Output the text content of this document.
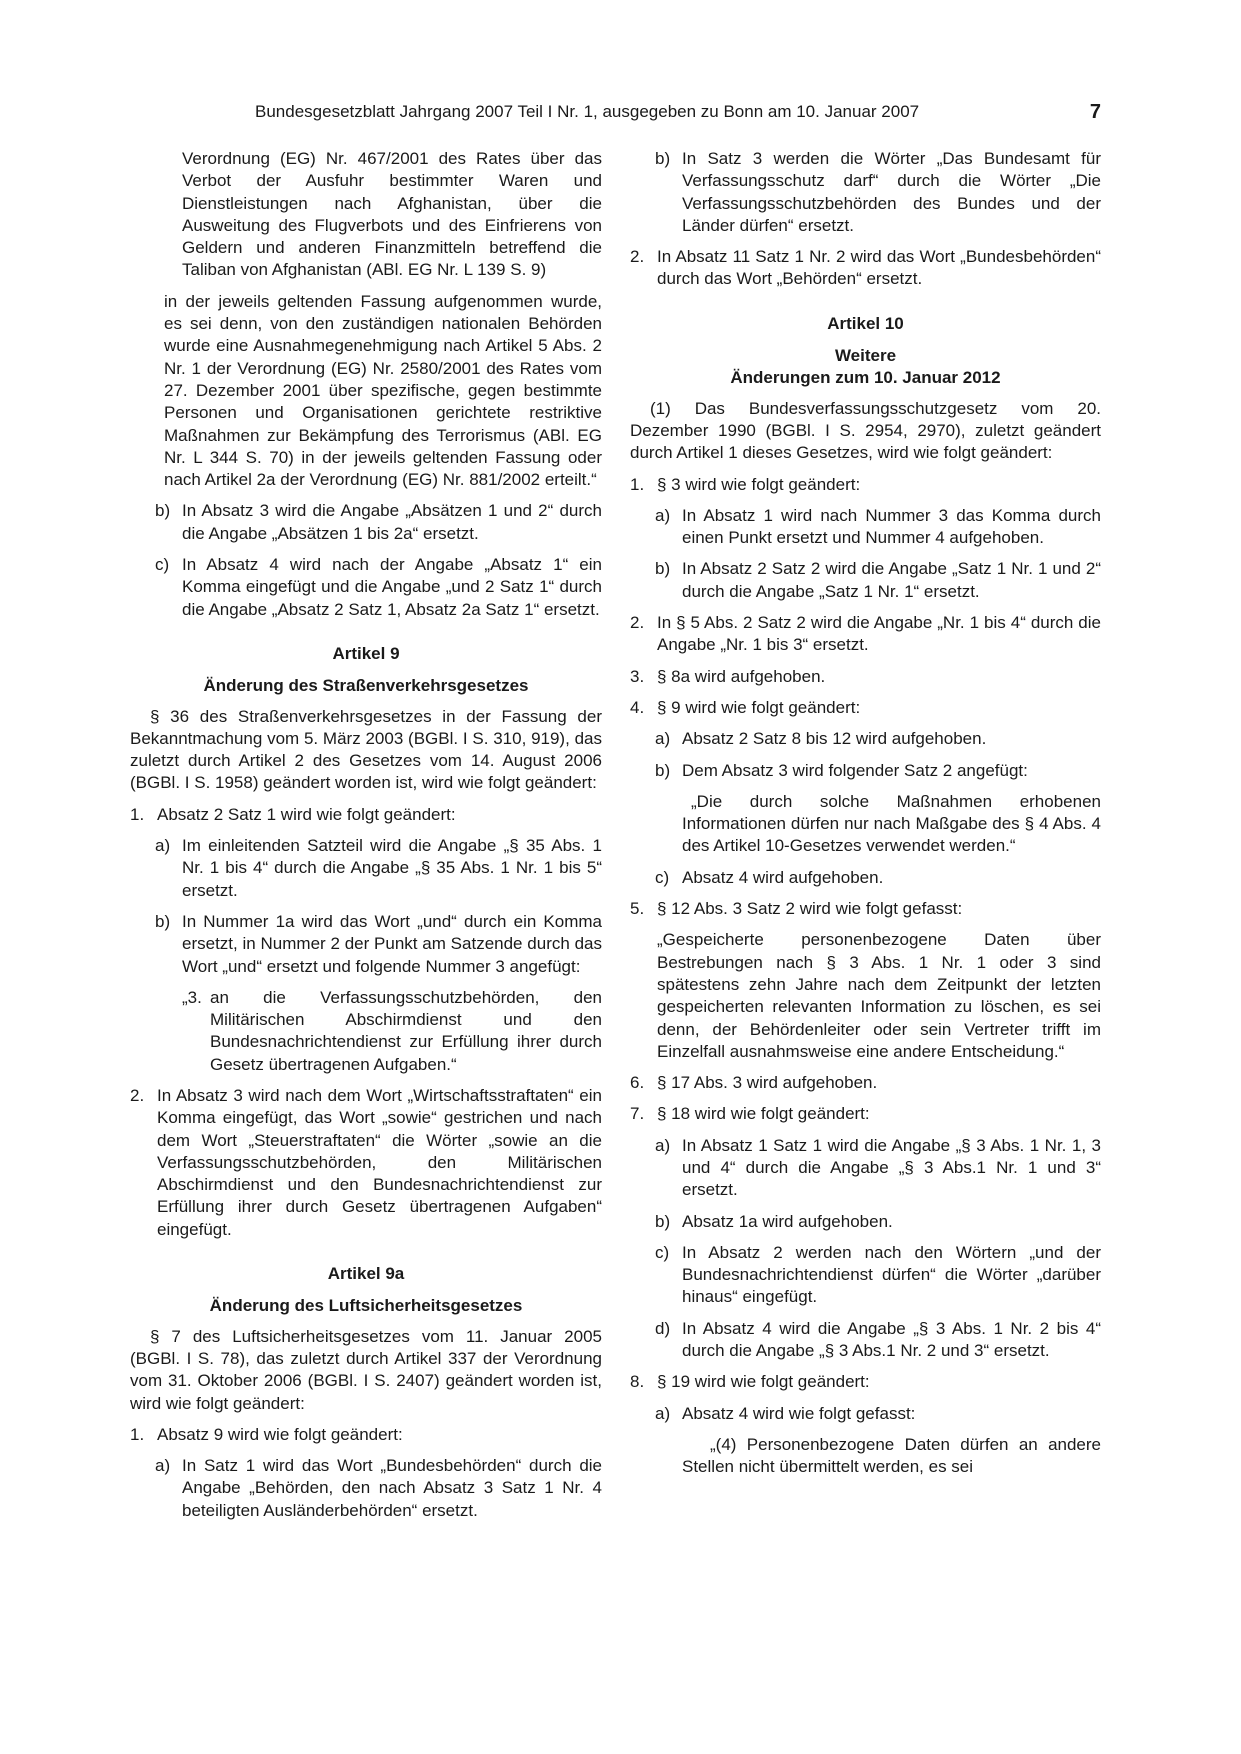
Bundesgesetzblatt Jahrgang 2007 Teil I Nr. 1, ausgegeben zu Bonn am 10. Januar 2007	7

Verordnung (EG) Nr. 467/2001 des Rates über das Verbot der Ausfuhr bestimmter Waren und Dienstleistungen nach Afghanistan, über die Ausweitung des Flugverbots und des Einfrierens von Geldern und anderen Finanzmitteln betreffend die Taliban von Afghanistan (ABl. EG Nr. L 139 S. 9)

in der jeweils geltenden Fassung aufgenommen wurde, es sei denn, von den zuständigen nationalen Behörden wurde eine Ausnahmegenehmigung nach Artikel 5 Abs. 2 Nr. 1 der Verordnung (EG) Nr. 2580/2001 des Rates vom 27. Dezember 2001 über spezifische, gegen bestimmte Personen und Organisationen gerichtete restriktive Maßnahmen zur Bekämpfung des Terrorismus (ABl. EG Nr. L 344 S. 70) in der jeweils geltenden Fassung oder nach Artikel 2a der Verordnung (EG) Nr. 881/2002 erteilt.“

b) In Absatz 3 wird die Angabe „Absätzen 1 und 2“ durch die Angabe „Absätzen 1 bis 2a“ ersetzt.

c) In Absatz 4 wird nach der Angabe „Absatz 1“ ein Komma eingefügt und die Angabe „und 2 Satz 1“ durch die Angabe „Absatz 2 Satz 1, Absatz 2a Satz 1“ ersetzt.

Artikel 9

Änderung des Straßenverkehrsgesetzes

§ 36 des Straßenverkehrsgesetzes in der Fassung der Bekanntmachung vom 5. März 2003 (BGBl. I S. 310, 919), das zuletzt durch Artikel 2 des Gesetzes vom 14. August 2006 (BGBl. I S. 1958) geändert worden ist, wird wie folgt geändert:

1. Absatz 2 Satz 1 wird wie folgt geändert:

a) Im einleitenden Satzteil wird die Angabe „§ 35 Abs. 1 Nr. 1 bis 4“ durch die Angabe „§ 35 Abs. 1 Nr. 1 bis 5“ ersetzt.

b) In Nummer 1a wird das Wort „und“ durch ein Komma ersetzt, in Nummer 2 der Punkt am Satzende durch das Wort „und“ ersetzt und folgende Nummer 3 angefügt:

„3. an die Verfassungsschutzbehörden, den Militärischen Abschirmdienst und den Bundesnachrichtendienst zur Erfüllung ihrer durch Gesetz übertragenen Aufgaben.“

2. In Absatz 3 wird nach dem Wort „Wirtschaftsstraftaten“ ein Komma eingefügt, das Wort „sowie“ gestrichen und nach dem Wort „Steuerstraftaten“ die Wörter „sowie an die Verfassungsschutzbehörden, den Militärischen Abschirmdienst und den Bundesnachrichtendienst zur Erfüllung ihrer durch Gesetz übertragenen Aufgaben“ eingefügt.

Artikel 9a

Änderung des Luftsicherheitsgesetzes

§ 7 des Luftsicherheitsgesetzes vom 11. Januar 2005 (BGBl. I S. 78), das zuletzt durch Artikel 337 der Verordnung vom 31. Oktober 2006 (BGBl. I S. 2407) geändert worden ist, wird wie folgt geändert:

1. Absatz 9 wird wie folgt geändert:

a) In Satz 1 wird das Wort „Bundesbehörden“ durch die Angabe „Behörden, den nach Absatz 3 Satz 1 Nr. 4 beteiligten Ausländerbehörden“ ersetzt.

b) In Satz 3 werden die Wörter „Das Bundesamt für Verfassungsschutz darf“ durch die Wörter „Die Verfassungsschutzbehörden des Bundes und der Länder dürfen“ ersetzt.

2. In Absatz 11 Satz 1 Nr. 2 wird das Wort „Bundesbehörden“ durch das Wort „Behörden“ ersetzt.

Artikel 10

Weitere

Änderungen zum 10. Januar 2012

(1) Das Bundesverfassungsschutzgesetz vom 20. Dezember 1990 (BGBl. I S. 2954, 2970), zuletzt geändert durch Artikel 1 dieses Gesetzes, wird wie folgt geändert:

1. § 3 wird wie folgt geändert:

a) In Absatz 1 wird nach Nummer 3 das Komma durch einen Punkt ersetzt und Nummer 4 aufgehoben.

b) In Absatz 2 Satz 2 wird die Angabe „Satz 1 Nr. 1 und 2“ durch die Angabe „Satz 1 Nr. 1“ ersetzt.

2. In § 5 Abs. 2 Satz 2 wird die Angabe „Nr. 1 bis 4“ durch die Angabe „Nr. 1 bis 3“ ersetzt.

3. § 8a wird aufgehoben.

4. § 9 wird wie folgt geändert:

a) Absatz 2 Satz 8 bis 12 wird aufgehoben.

b) Dem Absatz 3 wird folgender Satz 2 angefügt:

„Die durch solche Maßnahmen erhobenen Informationen dürfen nur nach Maßgabe des § 4 Abs. 4 des Artikel 10-Gesetzes verwendet werden.“

c) Absatz 4 wird aufgehoben.

5. § 12 Abs. 3 Satz 2 wird wie folgt gefasst:

„Gespeicherte personenbezogene Daten über Bestrebungen nach § 3 Abs. 1 Nr. 1 oder 3 sind spätestens zehn Jahre nach dem Zeitpunkt der letzten gespeicherten relevanten Information zu löschen, es sei denn, der Behördenleiter oder sein Vertreter trifft im Einzelfall ausnahmsweise eine andere Entscheidung.“

6. § 17 Abs. 3 wird aufgehoben.

7. § 18 wird wie folgt geändert:

a) In Absatz 1 Satz 1 wird die Angabe „§ 3 Abs. 1 Nr. 1, 3 und 4“ durch die Angabe „§ 3 Abs.1 Nr. 1 und 3“ ersetzt.

b) Absatz 1a wird aufgehoben.

c) In Absatz 2 werden nach den Wörtern „und der Bundesnachrichtendienst dürfen“ die Wörter „darüber hinaus“ eingefügt.

d) In Absatz 4 wird die Angabe „§ 3 Abs. 1 Nr. 2 bis 4“ durch die Angabe „§ 3 Abs.1 Nr. 2 und 3“ ersetzt.

8. § 19 wird wie folgt geändert:

a) Absatz 4 wird wie folgt gefasst:

„(4) Personenbezogene Daten dürfen an andere Stellen nicht übermittelt werden, es sei
